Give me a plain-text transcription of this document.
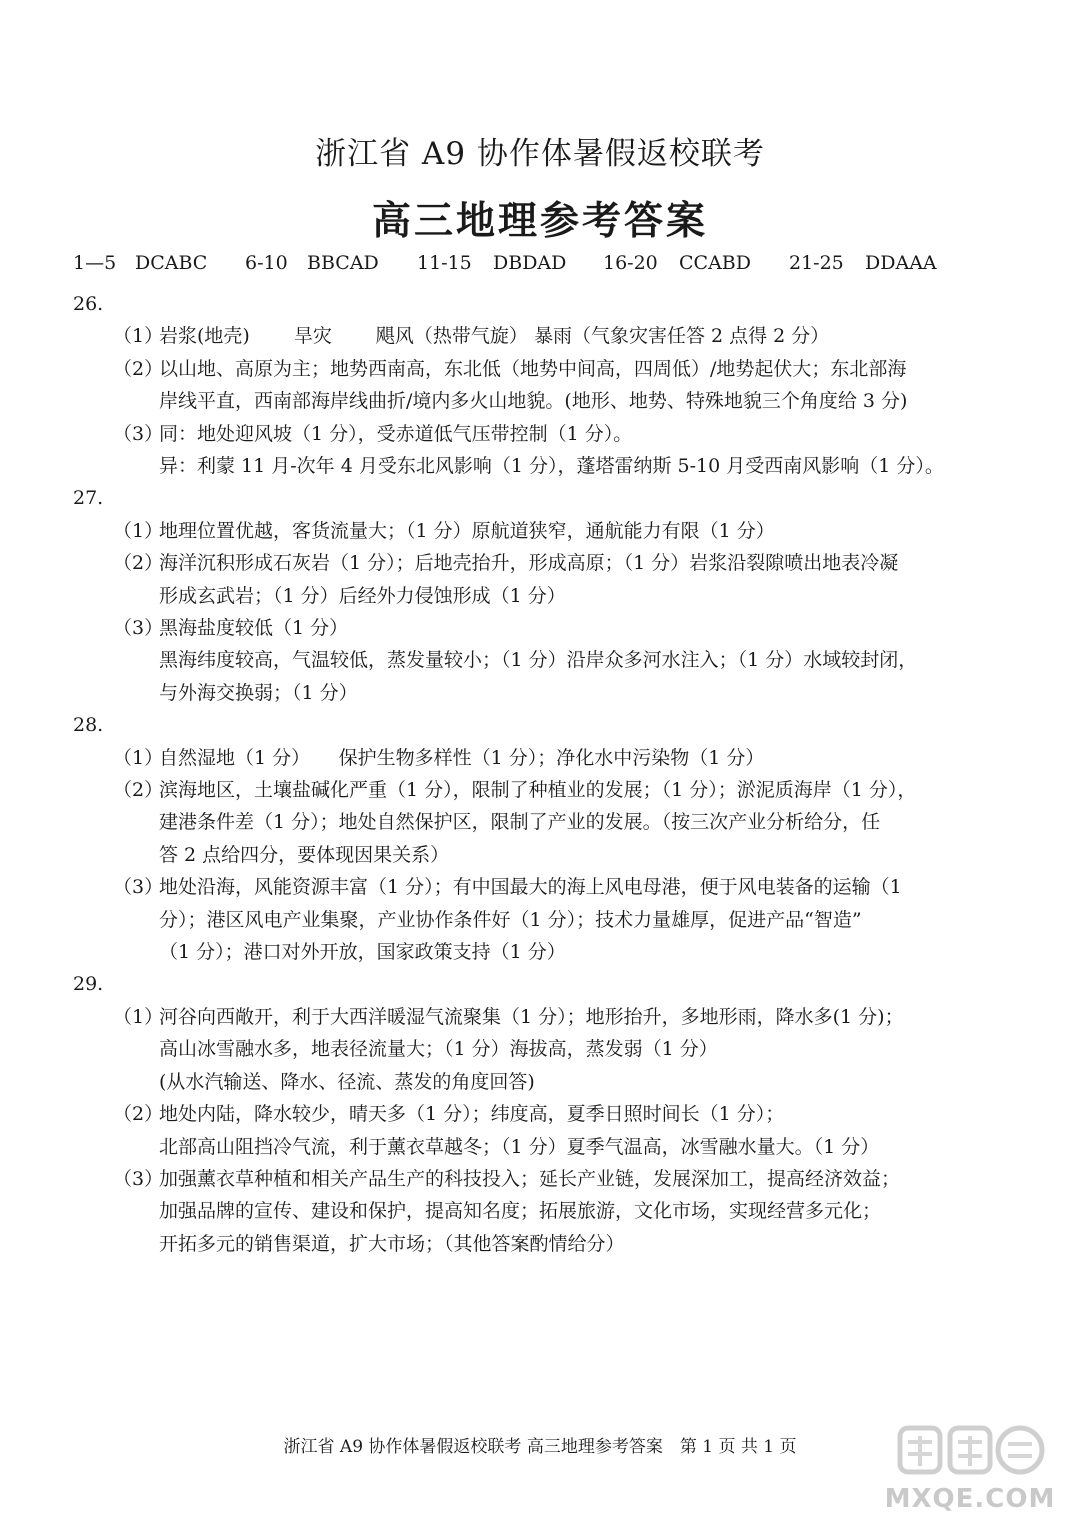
浙江省 A9 协作体暑假返校联考
高三地理参考答案
1—5 DCABC	6-10 BBCAD	11-15 DBDAD	16-20 CCABD	21-25 DDAAA
26.
（1）岩浆(地壳)　　 旱灾　　 飓风（热带气旋） 暴雨（气象灾害任答 2 点得 2 分）
（2）以山地、高原为主；地势西南高，东北低（地势中间高，四周低）/地势起伏大；东北部海
岸线平直，西南部海岸线曲折/境内多火山地貌。(地形、地势、特殊地貌三个角度给 3 分)
（3）同：地处迎风坡（1 分），受赤道低气压带控制（1 分）。
异：利蒙 11 月-次年 4 月受东北风影响（1 分），蓬塔雷纳斯 5-10 月受西南风影响（1 分）。
27.
（1）地理位置优越，客货流量大；（1 分）原航道狭窄，通航能力有限（1 分）
（2）海洋沉积形成石灰岩（1 分）；后地壳抬升，形成高原；（1 分）岩浆沿裂隙喷出地表冷凝
形成玄武岩；（1 分）后经外力侵蚀形成（1 分）
（3）黑海盐度较低（1 分）
黑海纬度较高，气温较低，蒸发量较小；（1 分）沿岸众多河水注入；（1 分）水域较封闭，
与外海交换弱；（1 分）
28.
（1）自然湿地（1 分）　　保护生物多样性（1 分）；净化水中污染物（1 分）
（2）滨海地区，土壤盐碱化严重（1 分），限制了种植业的发展；（1 分）；淤泥质海岸（1 分），
建港条件差（1 分）；地处自然保护区，限制了产业的发展。（按三次产业分析给分，任
答 2 点给四分，要体现因果关系）
（3）地处沿海，风能资源丰富（1 分）；有中国最大的海上风电母港，便于风电装备的运输（1
分）；港区风电产业集聚，产业协作条件好（1 分）；技术力量雄厚，促进产品“智造”
（1 分）；港口对外开放，国家政策支持（1 分）
29.
（1）河谷向西敞开，利于大西洋暖湿气流聚集（1 分）；地形抬升，多地形雨，降水多(1 分)；
高山冰雪融水多，地表径流量大；（1 分）海拔高，蒸发弱（1 分）
(从水汽输送、降水、径流、蒸发的角度回答)
（2）地处内陆，降水较少，晴天多（1 分）；纬度高，夏季日照时间长（1 分）；
北部高山阻挡冷气流，利于薰衣草越冬；（1 分）夏季气温高，冰雪融水量大。（1 分）
（3）加强薰衣草种植和相关产品生产的科技投入；延长产业链，发展深加工，提高经济效益；
加强品牌的宣传、建设和保护，提高知名度；拓展旅游，文化市场，实现经营多元化；
开拓多元的销售渠道，扩大市场；（其他答案酌情给分）
浙江省 A9 协作体暑假返校联考 高三地理参考答案　第 1 页 共 1 页
MXQE.COM
